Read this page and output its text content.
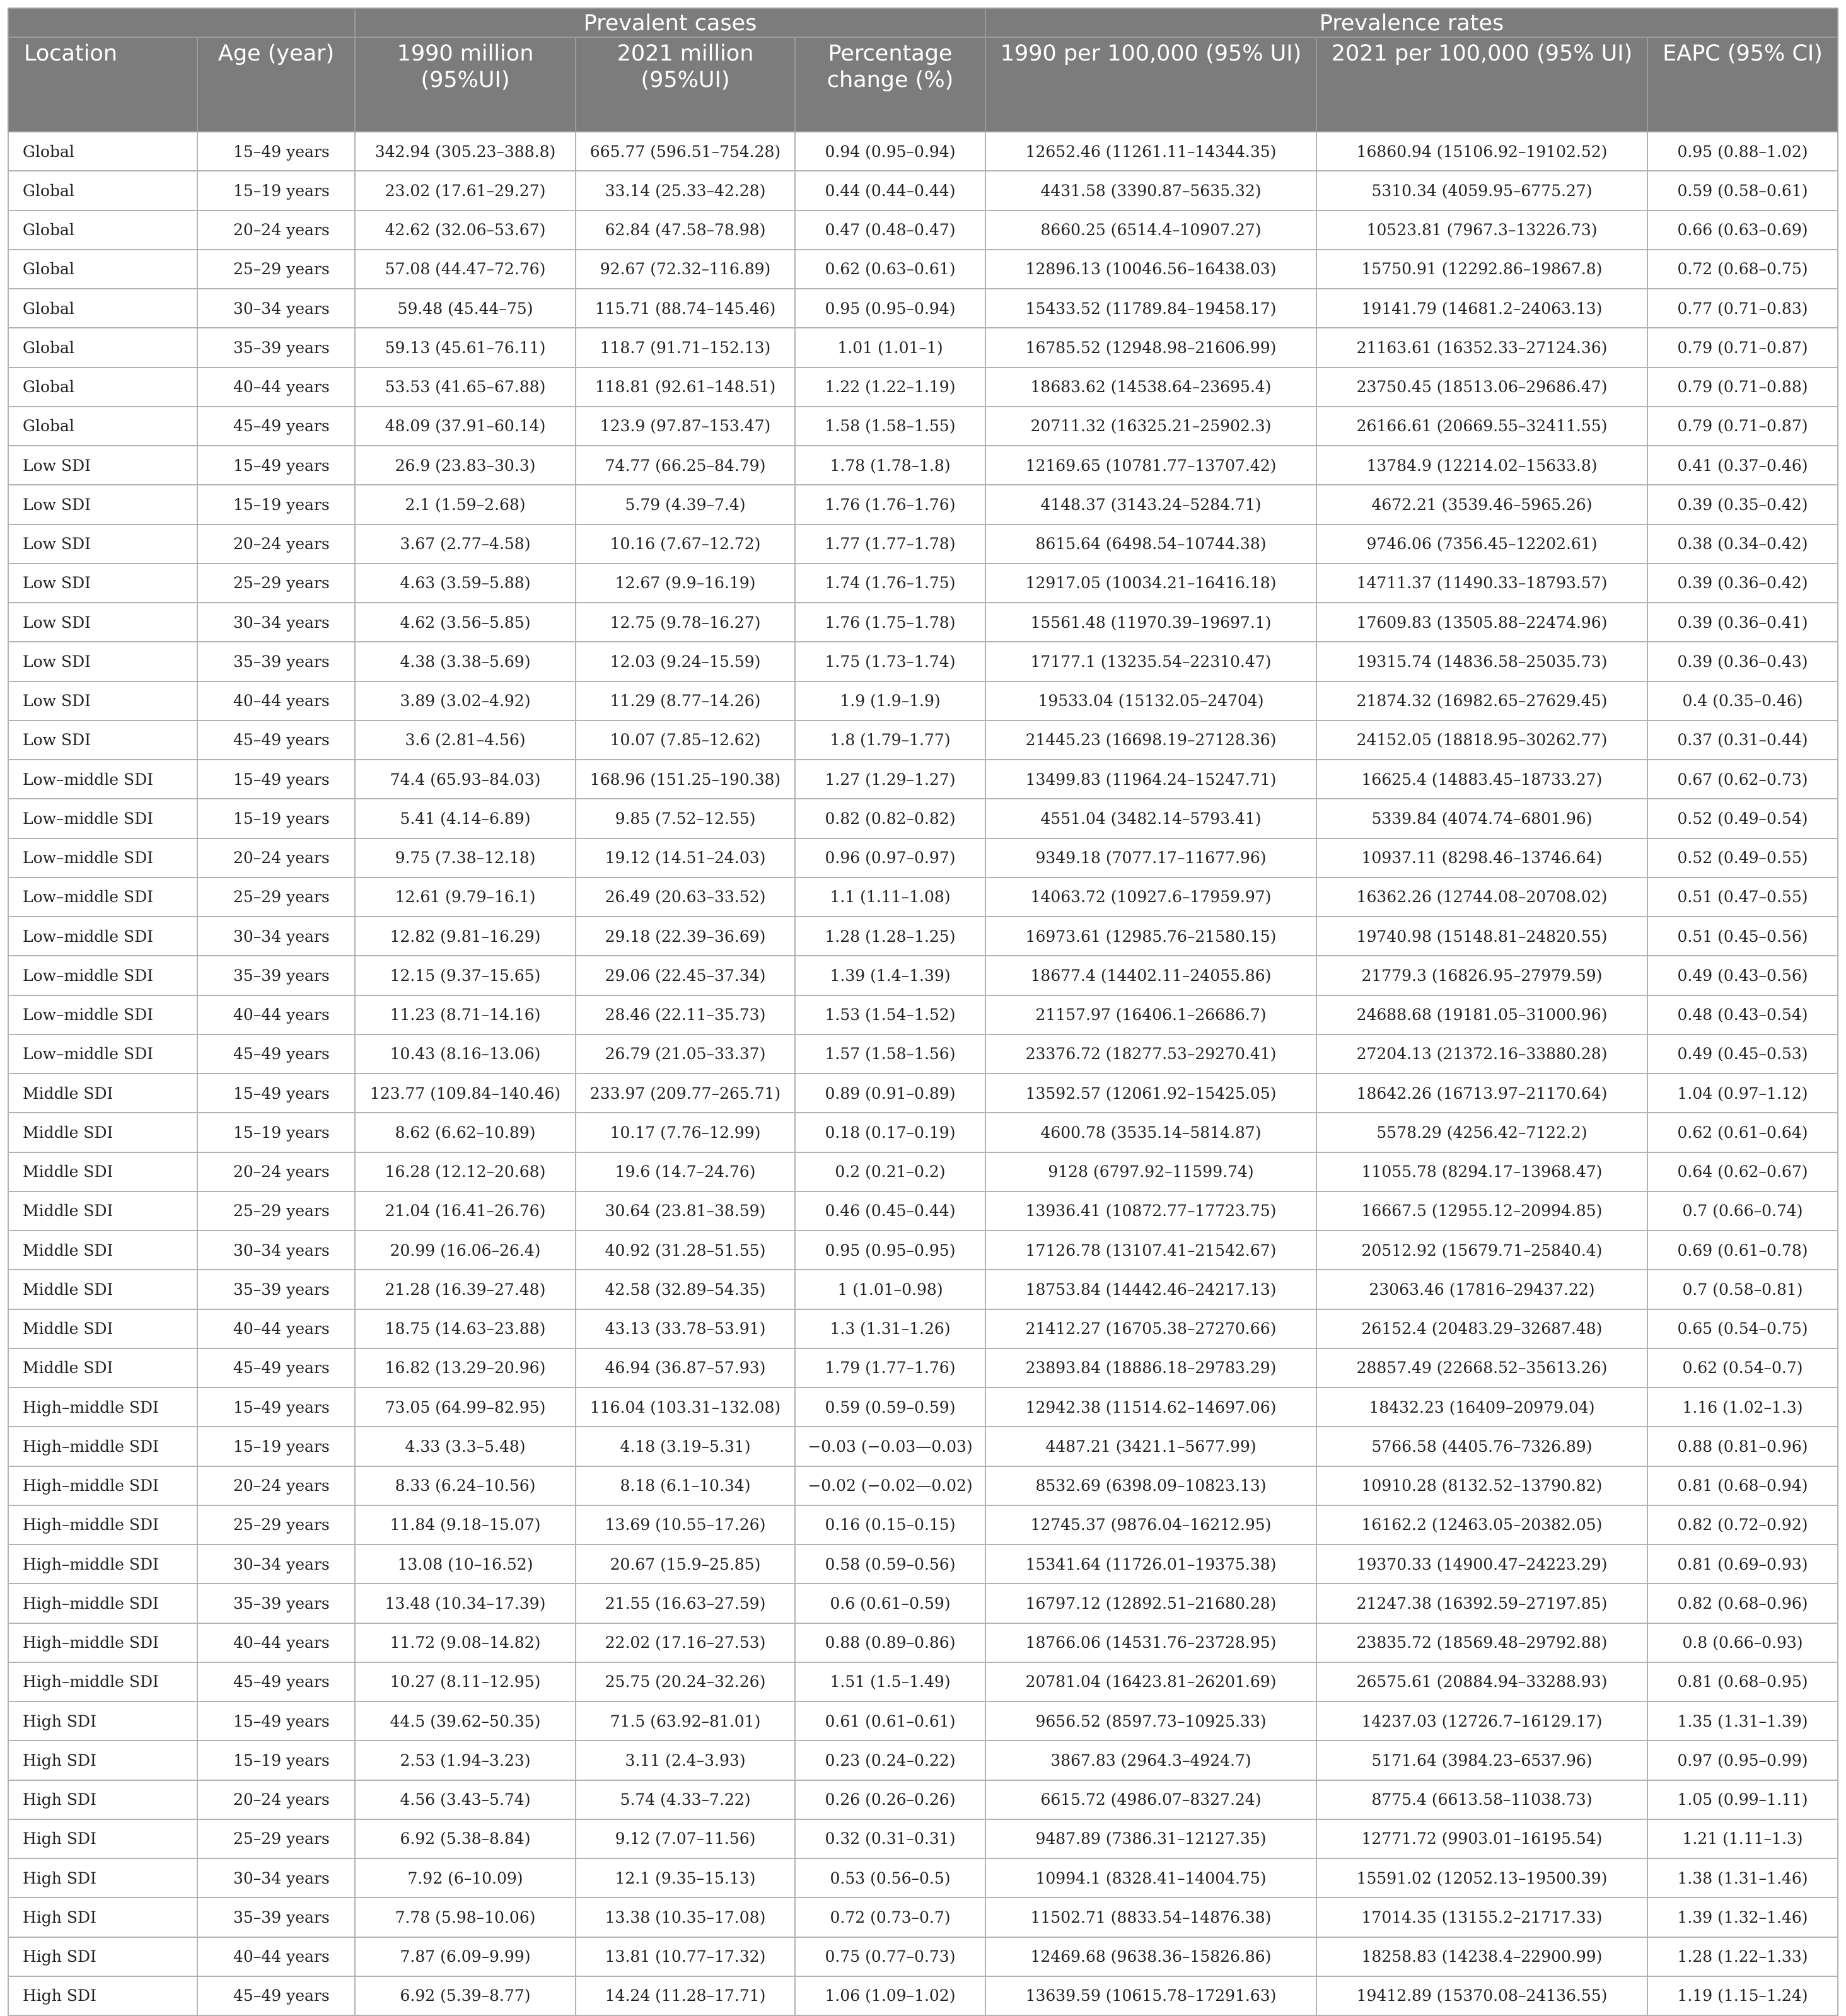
		Prevalent cases			Prevalence rates		
Location	Age (year)	1990 million (95%UI)	2021 million (95%UI)	Percentage change (%)	1990 per 100,000 (95% UI)	2021 per 100,000 (95% UI)	EAPC (95% CI)
Global	15–49 years	342.94 (305.23–388.8)	665.77 (596.51–754.28)	0.94 (0.95–0.94)	12652.46 (11261.11–14344.35)	16860.94 (15106.92–19102.52)	0.95 (0.88–1.02)
Global	15–19 years	23.02 (17.61–29.27)	33.14 (25.33–42.28)	0.44 (0.44–0.44)	4431.58 (3390.87–5635.32)	5310.34 (4059.95–6775.27)	0.59 (0.58–0.61)
Global	20–24 years	42.62 (32.06–53.67)	62.84 (47.58–78.98)	0.47 (0.48–0.47)	8660.25 (6514.4–10907.27)	10523.81 (7967.3–13226.73)	0.66 (0.63–0.69)
Global	25–29 years	57.08 (44.47–72.76)	92.67 (72.32–116.89)	0.62 (0.63–0.61)	12896.13 (10046.56–16438.03)	15750.91 (12292.86–19867.8)	0.72 (0.68–0.75)
Global	30–34 years	59.48 (45.44–75)	115.71 (88.74–145.46)	0.95 (0.95–0.94)	15433.52 (11789.84–19458.17)	19141.79 (14681.2–24063.13)	0.77 (0.71–0.83)
Global	35–39 years	59.13 (45.61–76.11)	118.7 (91.71–152.13)	1.01 (1.01–1)	16785.52 (12948.98–21606.99)	21163.61 (16352.33–27124.36)	0.79 (0.71–0.87)
Global	40–44 years	53.53 (41.65–67.88)	118.81 (92.61–148.51)	1.22 (1.22–1.19)	18683.62 (14538.64–23695.4)	23750.45 (18513.06–29686.47)	0.79 (0.71–0.88)
Global	45–49 years	48.09 (37.91–60.14)	123.9 (97.87–153.47)	1.58 (1.58–1.55)	20711.32 (16325.21–25902.3)	26166.61 (20669.55–32411.55)	0.79 (0.71–0.87)
Low SDI	15–49 years	26.9 (23.83–30.3)	74.77 (66.25–84.79)	1.78 (1.78–1.8)	12169.65 (10781.77–13707.42)	13784.9 (12214.02–15633.8)	0.41 (0.37–0.46)
Low SDI	15–19 years	2.1 (1.59–2.68)	5.79 (4.39–7.4)	1.76 (1.76–1.76)	4148.37 (3143.24–5284.71)	4672.21 (3539.46–5965.26)	0.39 (0.35–0.42)
Low SDI	20–24 years	3.67 (2.77–4.58)	10.16 (7.67–12.72)	1.77 (1.77–1.78)	8615.64 (6498.54–10744.38)	9746.06 (7356.45–12202.61)	0.38 (0.34–0.42)
Low SDI	25–29 years	4.63 (3.59–5.88)	12.67 (9.9–16.19)	1.74 (1.76–1.75)	12917.05 (10034.21–16416.18)	14711.37 (11490.33–18793.57)	0.39 (0.36–0.42)
Low SDI	30–34 years	4.62 (3.56–5.85)	12.75 (9.78–16.27)	1.76 (1.75–1.78)	15561.48 (11970.39–19697.1)	17609.83 (13505.88–22474.96)	0.39 (0.36–0.41)
Low SDI	35–39 years	4.38 (3.38–5.69)	12.03 (9.24–15.59)	1.75 (1.73–1.74)	17177.1 (13235.54–22310.47)	19315.74 (14836.58–25035.73)	0.39 (0.36–0.43)
Low SDI	40–44 years	3.89 (3.02–4.92)	11.29 (8.77–14.26)	1.9 (1.9–1.9)	19533.04 (15132.05–24704)	21874.32 (16982.65–27629.45)	0.4 (0.35–0.46)
Low SDI	45–49 years	3.6 (2.81–4.56)	10.07 (7.85–12.62)	1.8 (1.79–1.77)	21445.23 (16698.19–27128.36)	24152.05 (18818.95–30262.77)	0.37 (0.31–0.44)
Low–middle SDI	15–49 years	74.4 (65.93–84.03)	168.96 (151.25–190.38)	1.27 (1.29–1.27)	13499.83 (11964.24–15247.71)	16625.4 (14883.45–18733.27)	0.67 (0.62–0.73)
Low–middle SDI	15–19 years	5.41 (4.14–6.89)	9.85 (7.52–12.55)	0.82 (0.82–0.82)	4551.04 (3482.14–5793.41)	5339.84 (4074.74–6801.96)	0.52 (0.49–0.54)
Low–middle SDI	20–24 years	9.75 (7.38–12.18)	19.12 (14.51–24.03)	0.96 (0.97–0.97)	9349.18 (7077.17–11677.96)	10937.11 (8298.46–13746.64)	0.52 (0.49–0.55)
Low–middle SDI	25–29 years	12.61 (9.79–16.1)	26.49 (20.63–33.52)	1.1 (1.11–1.08)	14063.72 (10927.6–17959.97)	16362.26 (12744.08–20708.02)	0.51 (0.47–0.55)
Low–middle SDI	30–34 years	12.82 (9.81–16.29)	29.18 (22.39–36.69)	1.28 (1.28–1.25)	16973.61 (12985.76–21580.15)	19740.98 (15148.81–24820.55)	0.51 (0.45–0.56)
Low–middle SDI	35–39 years	12.15 (9.37–15.65)	29.06 (22.45–37.34)	1.39 (1.4–1.39)	18677.4 (14402.11–24055.86)	21779.3 (16826.95–27979.59)	0.49 (0.43–0.56)
Low–middle SDI	40–44 years	11.23 (8.71–14.16)	28.46 (22.11–35.73)	1.53 (1.54–1.52)	21157.97 (16406.1–26686.7)	24688.68 (19181.05–31000.96)	0.48 (0.43–0.54)
Low–middle SDI	45–49 years	10.43 (8.16–13.06)	26.79 (21.05–33.37)	1.57 (1.58–1.56)	23376.72 (18277.53–29270.41)	27204.13 (21372.16–33880.28)	0.49 (0.45–0.53)
Middle SDI	15–49 years	123.77 (109.84–140.46)	233.97 (209.77–265.71)	0.89 (0.91–0.89)	13592.57 (12061.92–15425.05)	18642.26 (16713.97–21170.64)	1.04 (0.97–1.12)
Middle SDI	15–19 years	8.62 (6.62–10.89)	10.17 (7.76–12.99)	0.18 (0.17–0.19)	4600.78 (3535.14–5814.87)	5578.29 (4256.42–7122.2)	0.62 (0.61–0.64)
Middle SDI	20–24 years	16.28 (12.12–20.68)	19.6 (14.7–24.76)	0.2 (0.21–0.2)	9128 (6797.92–11599.74)	11055.78 (8294.17–13968.47)	0.64 (0.62–0.67)
Middle SDI	25–29 years	21.04 (16.41–26.76)	30.64 (23.81–38.59)	0.46 (0.45–0.44)	13936.41 (10872.77–17723.75)	16667.5 (12955.12–20994.85)	0.7 (0.66–0.74)
Middle SDI	30–34 years	20.99 (16.06–26.4)	40.92 (31.28–51.55)	0.95 (0.95–0.95)	17126.78 (13107.41–21542.67)	20512.92 (15679.71–25840.4)	0.69 (0.61–0.78)
Middle SDI	35–39 years	21.28 (16.39–27.48)	42.58 (32.89–54.35)	1 (1.01–0.98)	18753.84 (14442.46–24217.13)	23063.46 (17816–29437.22)	0.7 (0.58–0.81)
Middle SDI	40–44 years	18.75 (14.63–23.88)	43.13 (33.78–53.91)	1.3 (1.31–1.26)	21412.27 (16705.38–27270.66)	26152.4 (20483.29–32687.48)	0.65 (0.54–0.75)
Middle SDI	45–49 years	16.82 (13.29–20.96)	46.94 (36.87–57.93)	1.79 (1.77–1.76)	23893.84 (18886.18–29783.29)	28857.49 (22668.52–35613.26)	0.62 (0.54–0.7)
High–middle SDI	15–49 years	73.05 (64.99–82.95)	116.04 (103.31–132.08)	0.59 (0.59–0.59)	12942.38 (11514.62–14697.06)	18432.23 (16409–20979.04)	1.16 (1.02–1.3)
High–middle SDI	15–19 years	4.33 (3.3–5.48)	4.18 (3.19–5.31)	−0.03 (−0.03—0.03)	4487.21 (3421.1–5677.99)	5766.58 (4405.76–7326.89)	0.88 (0.81–0.96)
High–middle SDI	20–24 years	8.33 (6.24–10.56)	8.18 (6.1–10.34)	−0.02 (−0.02—0.02)	8532.69 (6398.09–10823.13)	10910.28 (8132.52–13790.82)	0.81 (0.68–0.94)
High–middle SDI	25–29 years	11.84 (9.18–15.07)	13.69 (10.55–17.26)	0.16 (0.15–0.15)	12745.37 (9876.04–16212.95)	16162.2 (12463.05–20382.05)	0.82 (0.72–0.92)
High–middle SDI	30–34 years	13.08 (10–16.52)	20.67 (15.9–25.85)	0.58 (0.59–0.56)	15341.64 (11726.01–19375.38)	19370.33 (14900.47–24223.29)	0.81 (0.69–0.93)
High–middle SDI	35–39 years	13.48 (10.34–17.39)	21.55 (16.63–27.59)	0.6 (0.61–0.59)	16797.12 (12892.51–21680.28)	21247.38 (16392.59–27197.85)	0.82 (0.68–0.96)
High–middle SDI	40–44 years	11.72 (9.08–14.82)	22.02 (17.16–27.53)	0.88 (0.89–0.86)	18766.06 (14531.76–23728.95)	23835.72 (18569.48–29792.88)	0.8 (0.66–0.93)
High–middle SDI	45–49 years	10.27 (8.11–12.95)	25.75 (20.24–32.26)	1.51 (1.5–1.49)	20781.04 (16423.81–26201.69)	26575.61 (20884.94–33288.93)	0.81 (0.68–0.95)
High SDI	15–49 years	44.5 (39.62–50.35)	71.5 (63.92–81.01)	0.61 (0.61–0.61)	9656.52 (8597.73–10925.33)	14237.03 (12726.7–16129.17)	1.35 (1.31–1.39)
High SDI	15–19 years	2.53 (1.94–3.23)	3.11 (2.4–3.93)	0.23 (0.24–0.22)	3867.83 (2964.3–4924.7)	5171.64 (3984.23–6537.96)	0.97 (0.95–0.99)
High SDI	20–24 years	4.56 (3.43–5.74)	5.74 (4.33–7.22)	0.26 (0.26–0.26)	6615.72 (4986.07–8327.24)	8775.4 (6613.58–11038.73)	1.05 (0.99–1.11)
High SDI	25–29 years	6.92 (5.38–8.84)	9.12 (7.07–11.56)	0.32 (0.31–0.31)	9487.89 (7386.31–12127.35)	12771.72 (9903.01–16195.54)	1.21 (1.11–1.3)
High SDI	30–34 years	7.92 (6–10.09)	12.1 (9.35–15.13)	0.53 (0.56–0.5)	10994.1 (8328.41–14004.75)	15591.02 (12052.13–19500.39)	1.38 (1.31–1.46)
High SDI	35–39 years	7.78 (5.98–10.06)	13.38 (10.35–17.08)	0.72 (0.73–0.7)	11502.71 (8833.54–14876.38)	17014.35 (13155.2–21717.33)	1.39 (1.32–1.46)
High SDI	40–44 years	7.87 (6.09–9.99)	13.81 (10.77–17.32)	0.75 (0.77–0.73)	12469.68 (9638.36–15826.86)	18258.83 (14238.4–22900.99)	1.28 (1.22–1.33)
High SDI	45–49 years	6.92 (5.39–8.77)	14.24 (11.28–17.71)	1.06 (1.09–1.02)	13639.59 (10615.78–17291.63)	19412.89 (15370.08–24136.55)	1.19 (1.15–1.24)
